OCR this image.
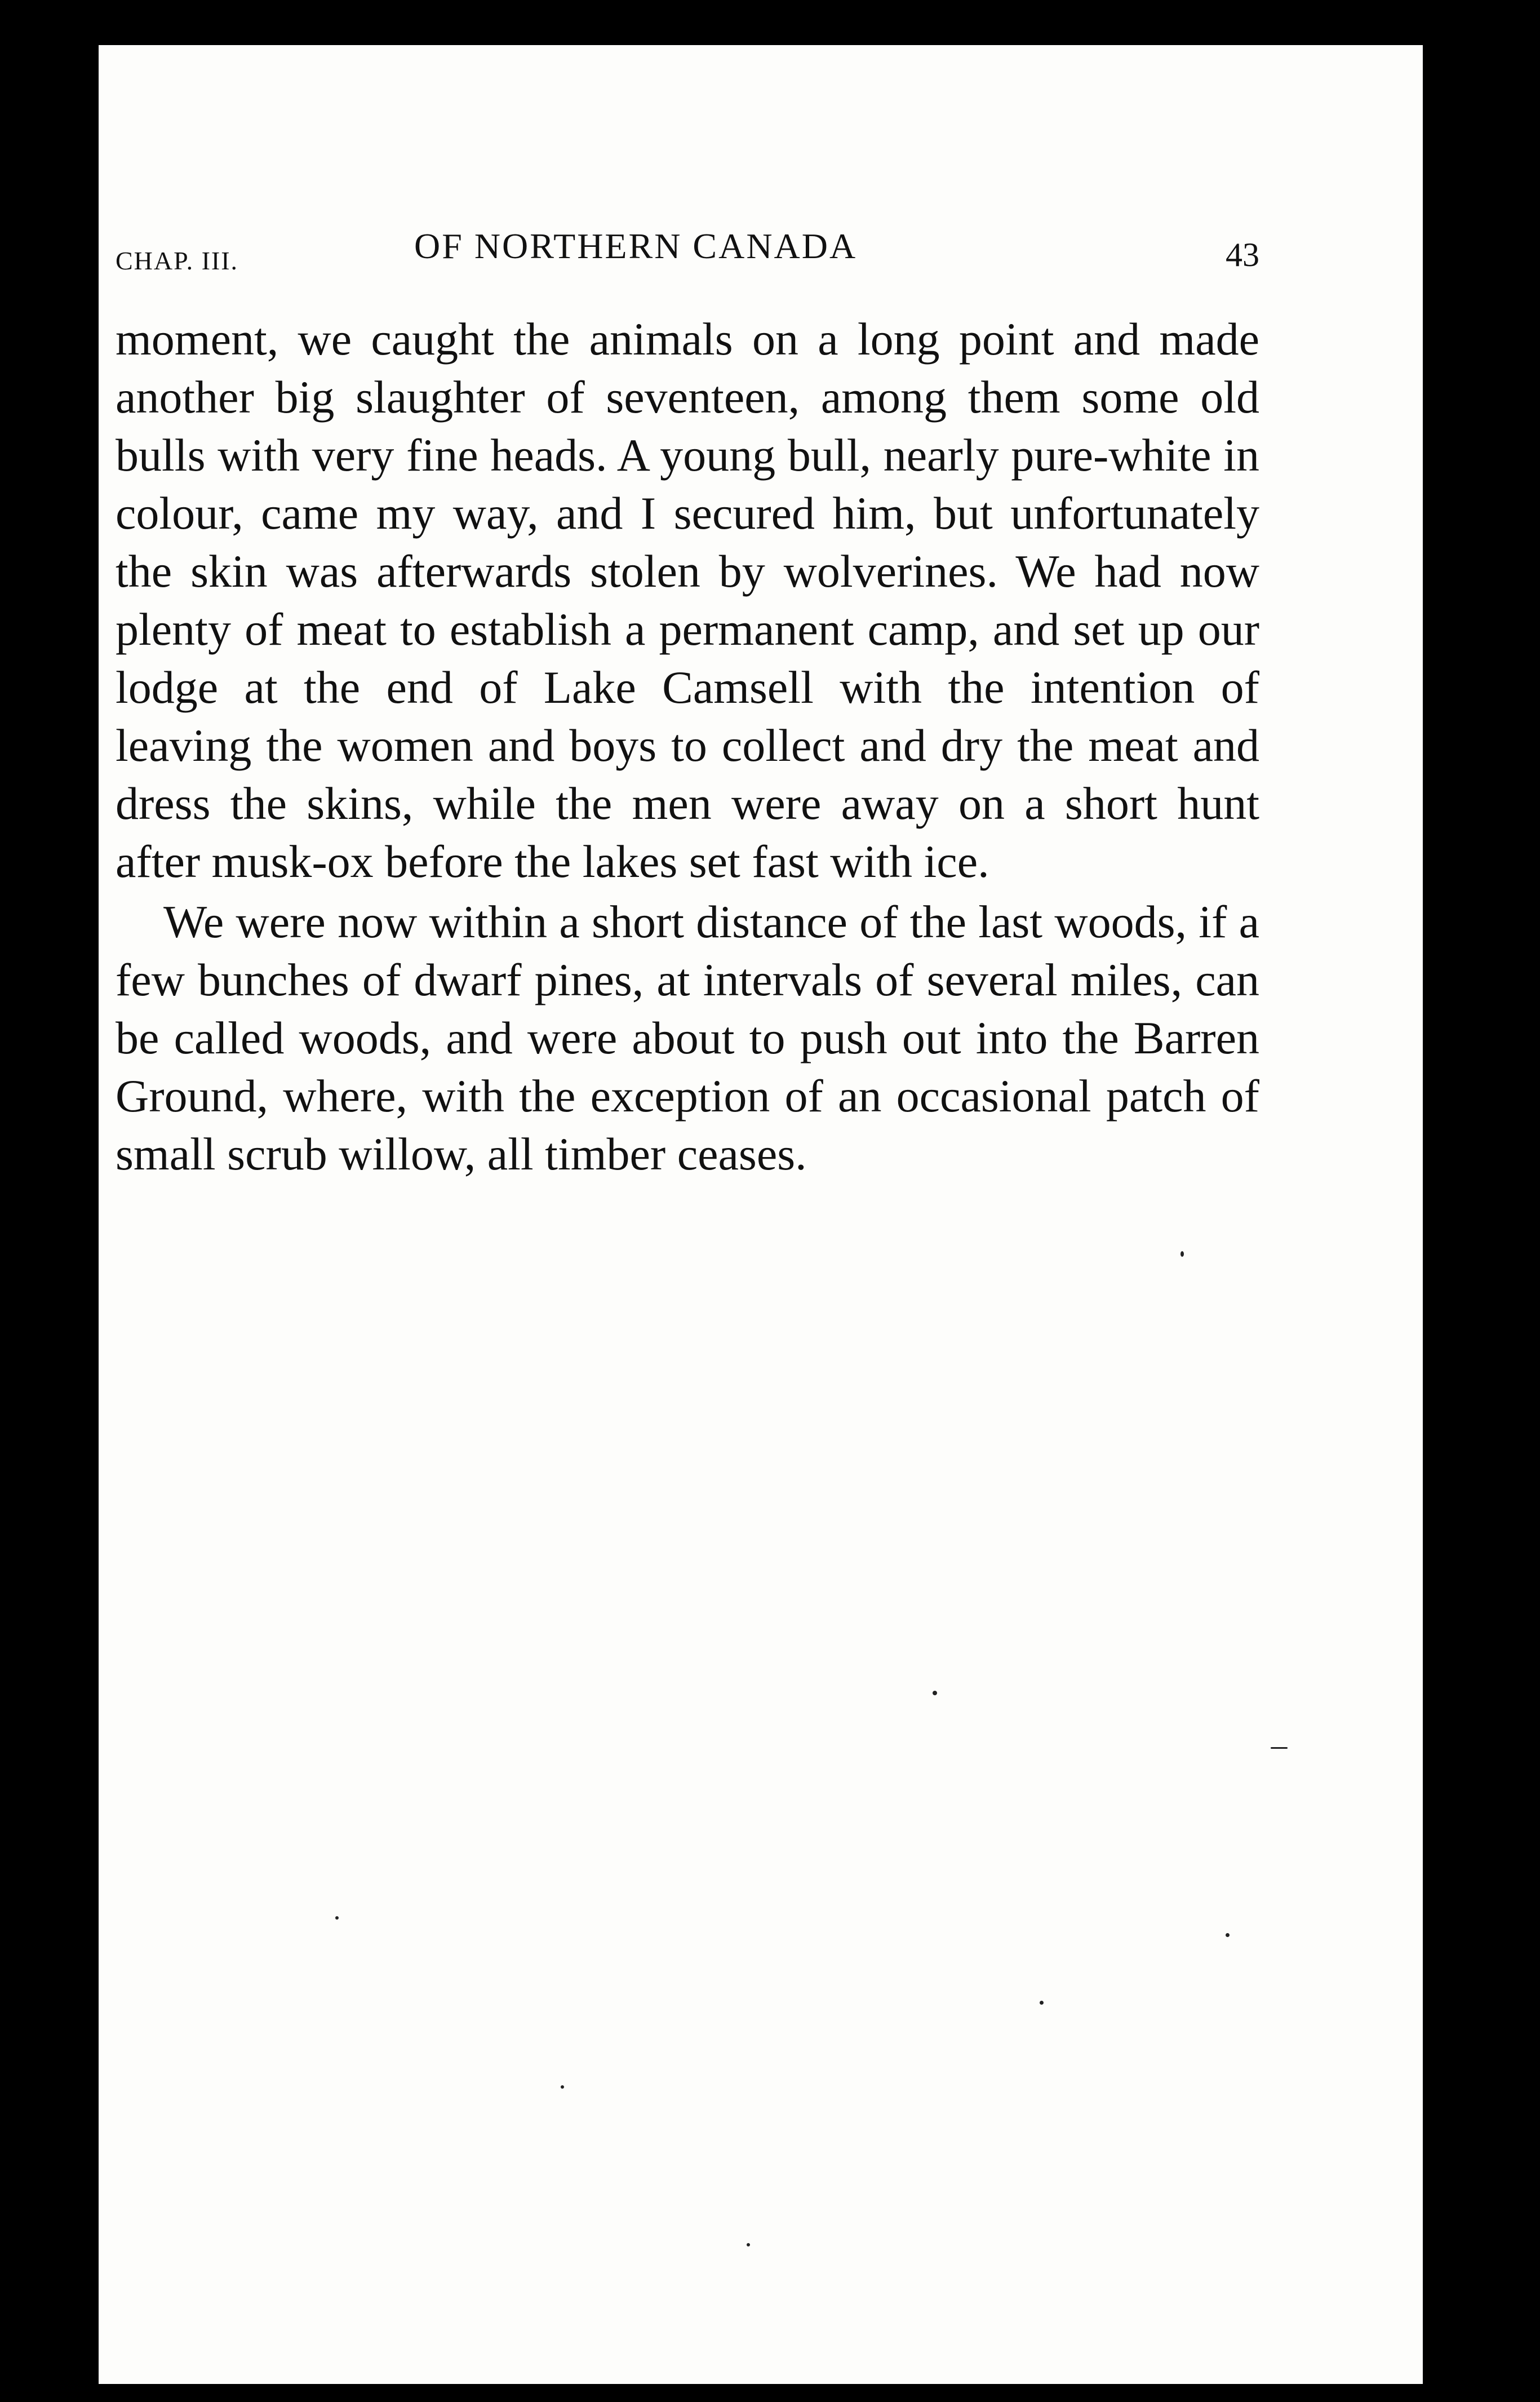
CHAP. III.	OF NORTHERN CANADA	43

moment, we caught the animals on a long point and made another big slaughter of seventeen, among them some old bulls with very fine heads. A young bull, nearly pure-white in colour, came my way, and I secured him, but unfortunately the skin was afterwards stolen by wolverines. We had now plenty of meat to establish a permanent camp, and set up our lodge at the end of Lake Camsell with the intention of leaving the women and boys to collect and dry the meat and dress the skins, while the men were away on a short hunt after musk-ox before the lakes set fast with ice.

We were now within a short distance of the last woods, if a few bunches of dwarf pines, at intervals of several miles, can be called woods, and were about to push out into the Barren Ground, where, with the exception of an occasional patch of small scrub willow, all timber ceases.
